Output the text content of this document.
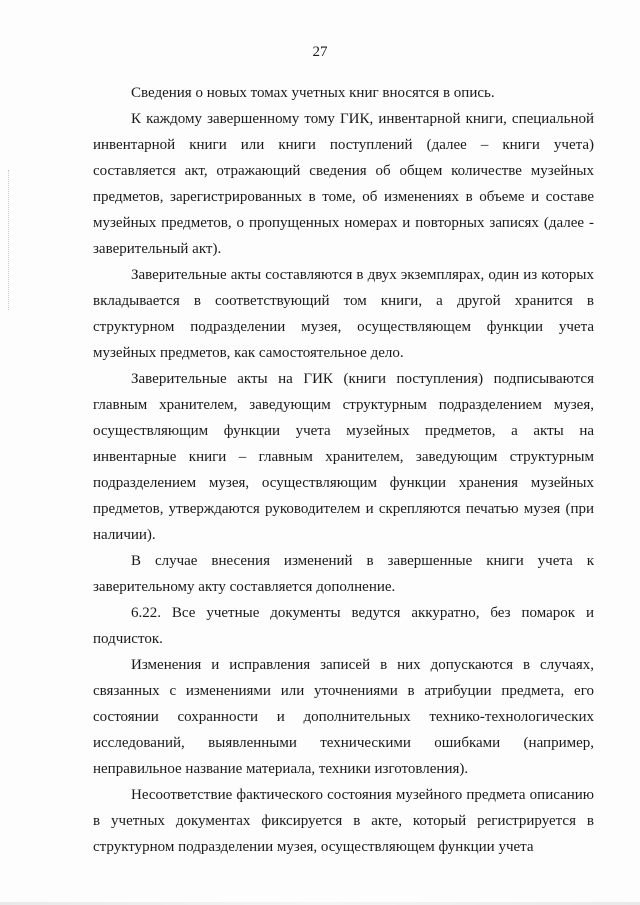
27

Сведения о новых томах учетных книг вносятся в опись.

К каждому завершенному тому ГИК, инвентарной книги, специальной инвентарной книги или книги поступлений (далее – книги учета) составляется акт, отражающий сведения об общем количестве музейных предметов, зарегистрированных в томе, об изменениях в объеме и составе музейных предметов, о пропущенных номерах и повторных записях (далее - заверительный акт).

Заверительные акты составляются в двух экземплярах, один из которых вкладывается в соответствующий том книги, а другой хранится в структурном подразделении музея, осуществляющем функции учета музейных предметов, как самостоятельное дело.

Заверительные акты на ГИК (книги поступления) подписываются главным хранителем, заведующим структурным подразделением музея, осуществляющим функции учета музейных предметов, а акты на инвентарные книги – главным хранителем, заведующим структурным подразделением музея, осуществляющим функции хранения музейных предметов, утверждаются руководителем и скрепляются печатью музея (при наличии).

В случае внесения изменений в завершенные книги учета к заверительному акту составляется дополнение.

6.22. Все учетные документы ведутся аккуратно, без помарок и подчисток.

Изменения и исправления записей в них допускаются в случаях, связанных с изменениями или уточнениями в атрибуции предмета, его состоянии сохранности и дополнительных технико-технологических исследований, выявленными техническими ошибками (например, неправильное название материала, техники изготовления).

Несоответствие фактического состояния музейного предмета описанию в учетных документах фиксируется в акте, который регистрируется в структурном подразделении музея, осуществляющем функции учета
